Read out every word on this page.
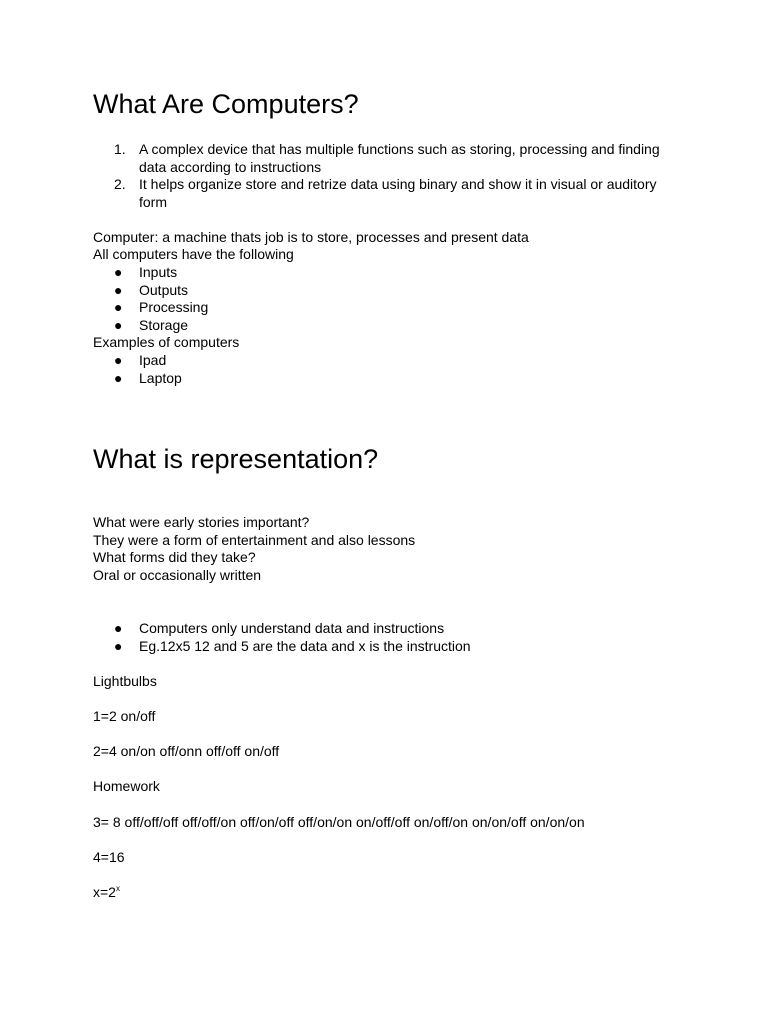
What Are Computers?
1. A complex device that has multiple functions such as storing, processing and finding data according to instructions
2. It helps organize store and retrize data using binary and show it in visual or auditory form
Computer: a machine thats job is to store, processes and present data
All computers have the following
●	Inputs
●	Outputs
●	Processing
●	Storage
Examples of computers
●	Ipad
●	Laptop
What is representation?
What were early stories important?
They were a form of entertainment and also lessons
What forms did they take?
Oral or occasionally written
●	Computers only understand data and instructions
●	Eg.12x5 12 and 5 are the data and x is the instruction
Lightbulbs
1=2 on/off
2=4 on/on off/onn off/off on/off
Homework
3= 8 off/off/off off/off/on off/on/off off/on/on on/off/off on/off/on on/on/off on/on/on
4=16
$x=2^x$
